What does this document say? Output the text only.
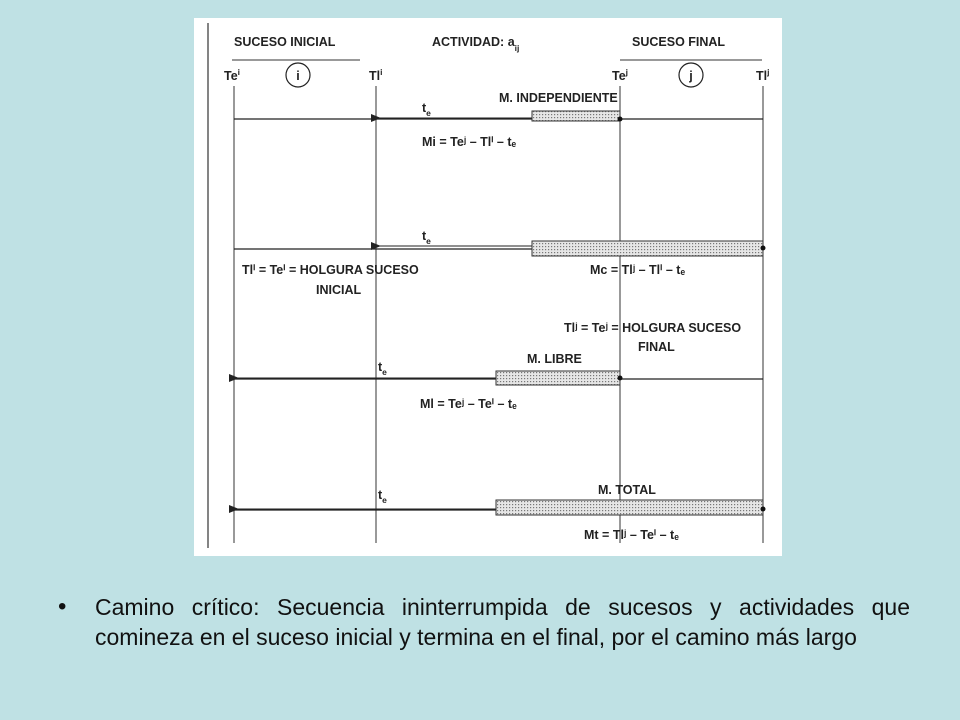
SUCESO INICIAL	ACTIVIDAD: $a_{ij}$	SUCESO FINAL
Te$^i$	Tl$^i$	Te$^j$	Tl$^j$
i	j
M. INDEPENDIENTE
$t_e$
Mi = Teʲ – Tlⁱ – tₑ
$t_e$
Tlⁱ = Teⁱ = HOLGURA SUCESO
INICIAL
Mc = Tlʲ – Tlⁱ – tₑ
Tlʲ = Teʲ = HOLGURA SUCESO
FINAL
M. LIBRE
$t_e$
Ml = Teʲ – Teⁱ – tₑ
M. TOTAL
$t_e$
Mt = Tlʲ – Teⁱ – tₑ
• Camino crítico: Secuencia ininterrumpida de sucesos y actividades que comineza en el suceso inicial y termina en el final, por el camino más largo
